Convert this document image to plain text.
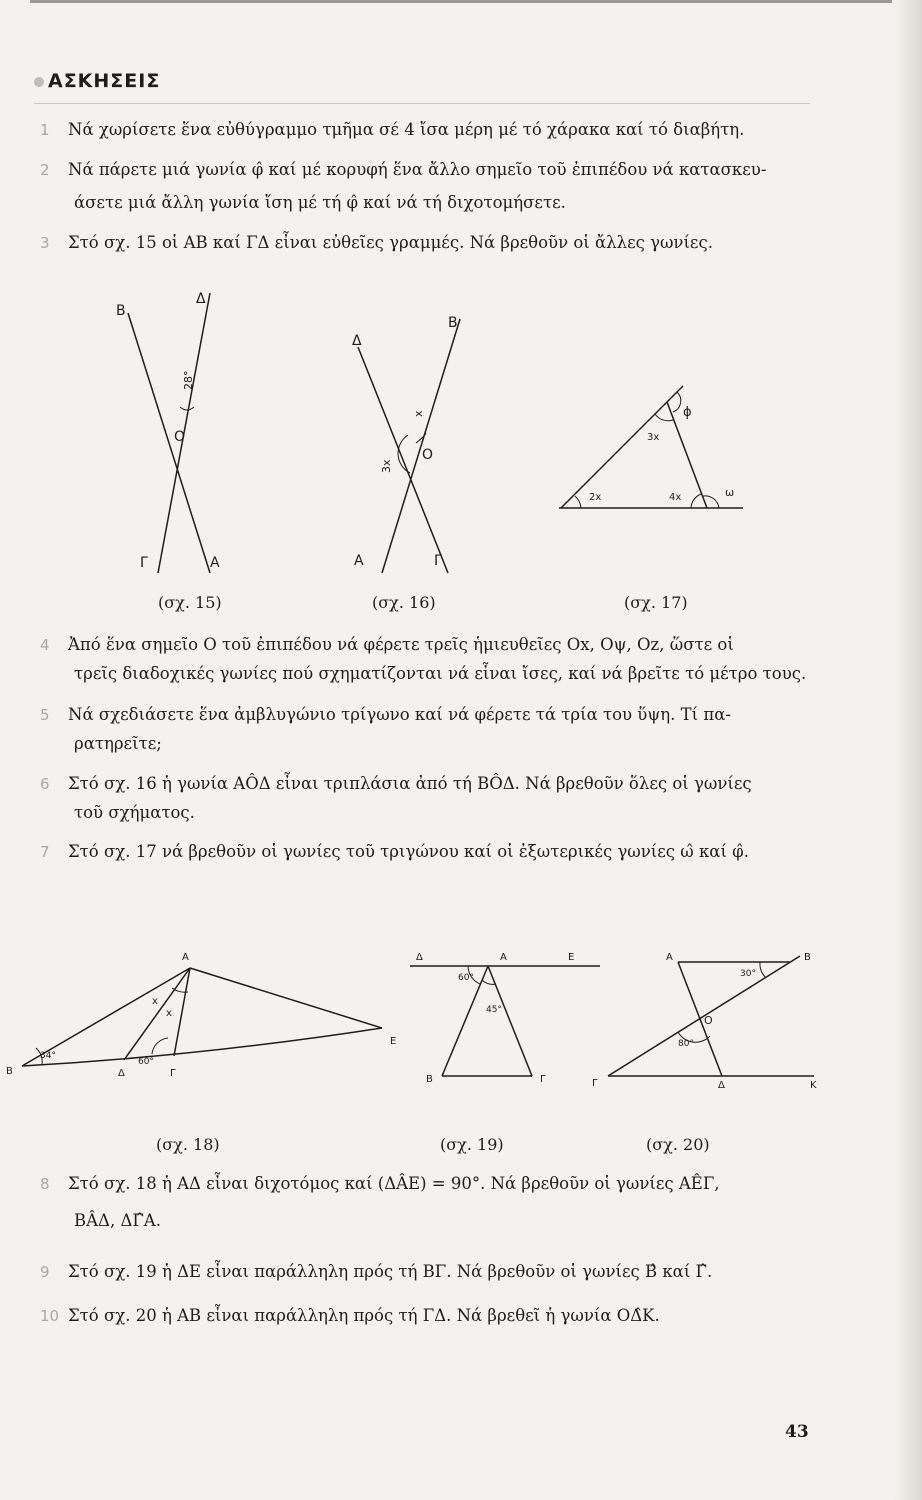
ΑΣΚΗΣΕΙΣ
1 Νά χωρίσετε ἕνα εὐθύγραμμο τμῆμα σέ 4 ἴσα μέρη μέ τό χάρακα καί τό διαβήτη.
2 Νά πάρετε μιά γωνία φ̂ καί μέ κορυφή ἕνα ἄλλο σημεῖο τοῦ ἐπιπέδου νά κατασκευ-
άσετε μιά ἄλλη γωνία ἴση μέ τή φ̂ καί νά τή διχοτομήσετε.
3 Στό σχ. 15 οἱ ΑΒ καί ΓΔ εἶναι εὐθεῖες γραμμές. Νά βρεθοῦν οἱ ἄλλες γωνίες.
Β
Δ
Ο
Γ	Α
28°
(σχ. 15)
Δ
Β
Ο
Α	Γ
x
3x
(σχ. 16)
2x
3x
4x	ω
ϕ
(σχ. 17)
4 Ἀπό ἕνα σημεῖο Ο τοῦ ἐπιπέδου νά φέρετε τρεῖς ἡμιευθεῖες Οx, Οψ, Οz, ὥστε οἱ
τρεῖς διαδοχικές γωνίες πού σχηματίζονται νά εἶναι ἴσες, καί νά βρεῖτε τό μέτρο τους.
5 Νά σχεδιάσετε ἕνα ἀμβλυγώνιο τρίγωνο καί νά φέρετε τά τρία του ὕψη. Τί πα-
ρατηρεῖτε;
6 Στό σχ. 16 ἡ γωνία ΑÔΔ εἶναι τριπλάσια ἀπό τή ΒÔΔ. Νά βρεθοῦν ὅλες οἱ γωνίες
τοῦ σχήματος.
7 Στό σχ. 17 νά βρεθοῦν οἱ γωνίες τοῦ τριγώνου καί οἱ ἐξωτερικές γωνίες ω̂ καί φ̂.
Α
Β	Δ	Γ
Ε
x
x
34°
60°
(σχ. 18)
Δ	Α	Ε
Β	Γ
60°
45°
(σχ. 19)
Α	Β
Ο
Γ	Δ	Κ
30°
80°
(σχ. 20)
8 Στό σχ. 18 ἡ ΑΔ εἶναι διχοτόμος καί (ΔÂΕ) = 90°. Νά βρεθοῦν οἱ γωνίες ΑÊΓ,
ΒÂΔ, ΔΓ̂Α.
9 Στό σχ. 19 ἡ ΔΕ εἶναι παράλληλη πρός τή ΒΓ. Νά βρεθοῦν οἱ γωνίες Β̂ καί Γ̂.
10 Στό σχ. 20 ἡ ΑΒ εἶναι παράλληλη πρός τή ΓΔ. Νά βρεθεῖ ἡ γωνία ΟΔ̂Κ.
43
